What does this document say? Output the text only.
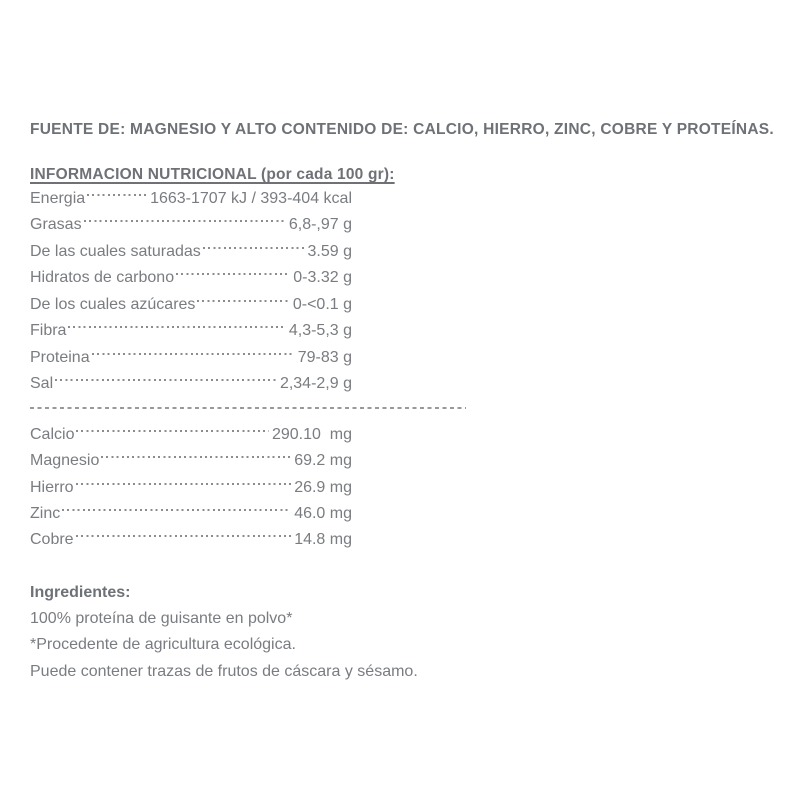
FUENTE DE: MAGNESIO Y ALTO CONTENIDO DE: CALCIO, HIERRO, ZINC, COBRE Y PROTEÍNAS.

INFORMACION NUTRICIONAL (por cada 100 gr):
Energia	1663-1707 kJ / 393-404 kcal
Grasas	6,8-,97 g
De las cuales saturadas	3.59 g
Hidratos de carbono	0-3.32 g
De los cuales azúcares	0-<0.1 g
Fibra	4,3-5,3 g
Proteina	79-83 g
Sal	2,34-2,9 g
Calcio	290.10  mg
Magnesio	69.2 mg
Hierro	26.9 mg
Zinc	46.0 mg
Cobre	14.8 mg

Ingredientes:

100% proteína de guisante en polvo*

*Procedente de agricultura ecológica.

Puede contener trazas de frutos de cáscara y sésamo.
